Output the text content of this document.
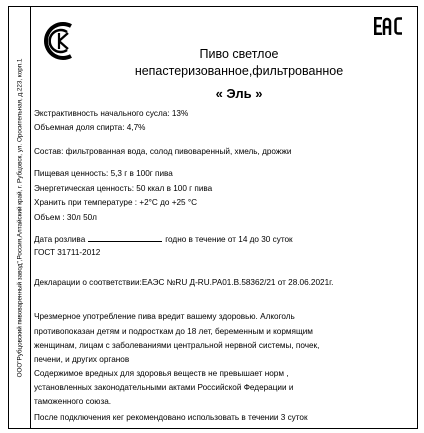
ООО"Рубцовский пивоваренный завод",Россия,Алтайский край, г. Рубцовск, ул. Оросительная, д.223, корп.1
Пиво светлое
непастеризованное,фильтрованное
« Эль »
Экстрактивность начального сусла: 13%
Объемная доля спирта: 4,7%
Состав: фильтрованная вода, солод пивоваренный, хмель, дрожжи
Пищевая ценность: 5,3 г в 100г пива
Энергетическая ценность: 50 ккал в 100 г пива
Хранить при температуре : +2°С до +25 °С
Объем : 30л 50л
Дата розлива	годно в течение от 14 до 30 суток
ГОСТ 31711-2012
Декларации о соответствии:ЕАЭС №RU Д-RU.PA01.В.58362/21 от 28.06.2021г.
Чрезмерное употребление пива вредит вашему здоровью. Алкоголь
противопоказан детям и подросткам до 18 лет, беременным и кормящим
женщинам, лицам с заболеваниями центральной нервной системы, почек,
печени, и других органов
Содержимое вредных для здоровья веществ не превышает норм ,
установленных законодательными актами Российской Федерации и
таможенного союза.
После подключения кег рекомендовано использовать в течении 3 суток
